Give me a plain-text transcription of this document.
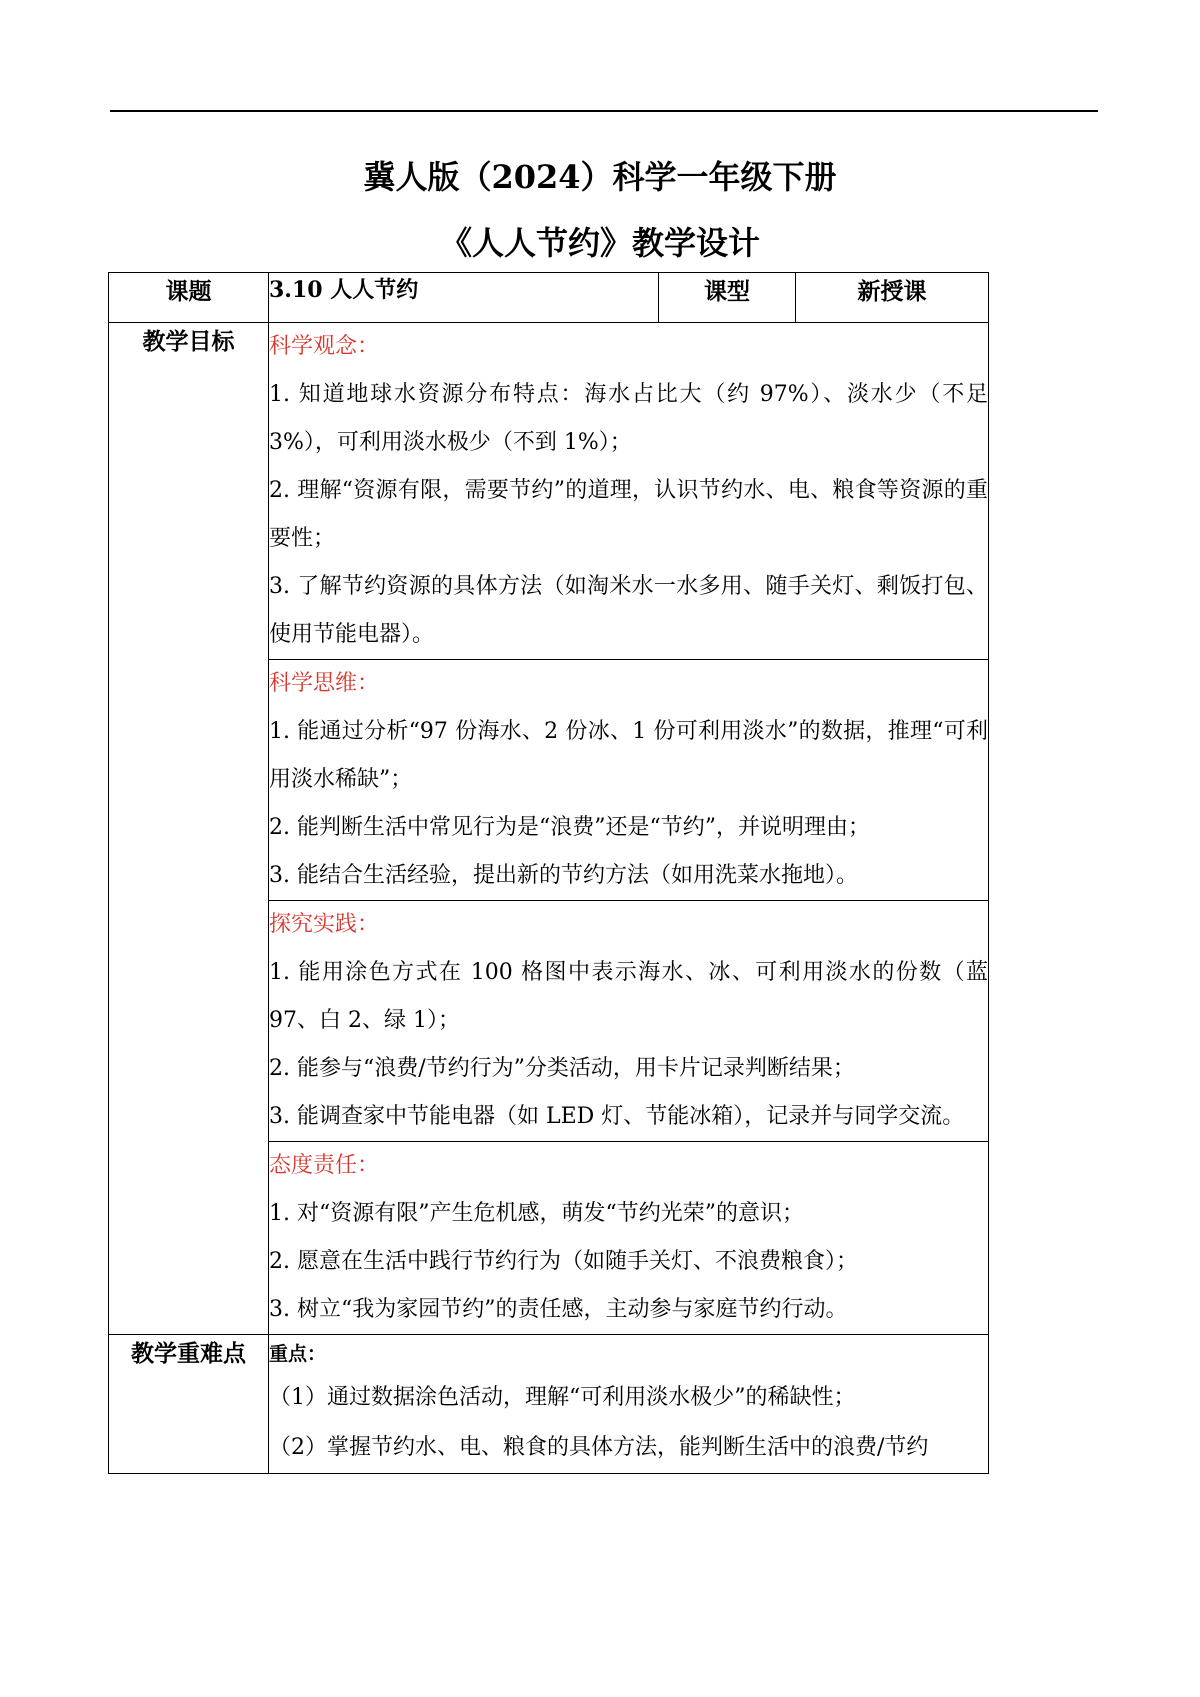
冀人版（2024）科学一年级下册
《人人节约》教学设计
课题	3.10 人人节约	课型	新授课
教学目标	科学观念：
1. 知道地球水资源分布特点：海水占比大（约 97%）、淡水少（不足 3%），可利用淡水极少（不到 1%）；
2. 理解“资源有限，需要节约”的道理，认识节约水、电、粮食等资源的重要性；
3. 了解节约资源的具体方法（如淘米水一水多用、随手关灯、剩饭打包、使用节能电器）。		

	科学思维：
1. 能通过分析“97 份海水、2 份冰、1 份可利用淡水”的数据，推理“可利用淡水稀缺”；
2. 能判断生活中常见行为是“浪费”还是“节约”，并说明理由；
3. 能结合生活经验，提出新的节约方法（如用洗菜水拖地）。		

	探究实践：
1. 能用涂色方式在 100 格图中表示海水、冰、可利用淡水的份数（蓝 97、白 2、绿 1）；
2. 能参与“浪费/节约行为”分类活动，用卡片记录判断结果；
3. 能调查家中节能电器（如 LED 灯、节能冰箱），记录并与同学交流。		

	态度责任：
1. 对“资源有限”产生危机感，萌发“节约光荣”的意识；
2. 愿意在生活中践行节约行为（如随手关灯、不浪费粮食）；
3. 树立“我为家园节约”的责任感，主动参与家庭节约行动。		

教学重难点	重点：
（1）通过数据涂色活动，理解“可利用淡水极少”的稀缺性；
（2）掌握节约水、电、粮食的具体方法，能判断生活中的浪费/节约		
